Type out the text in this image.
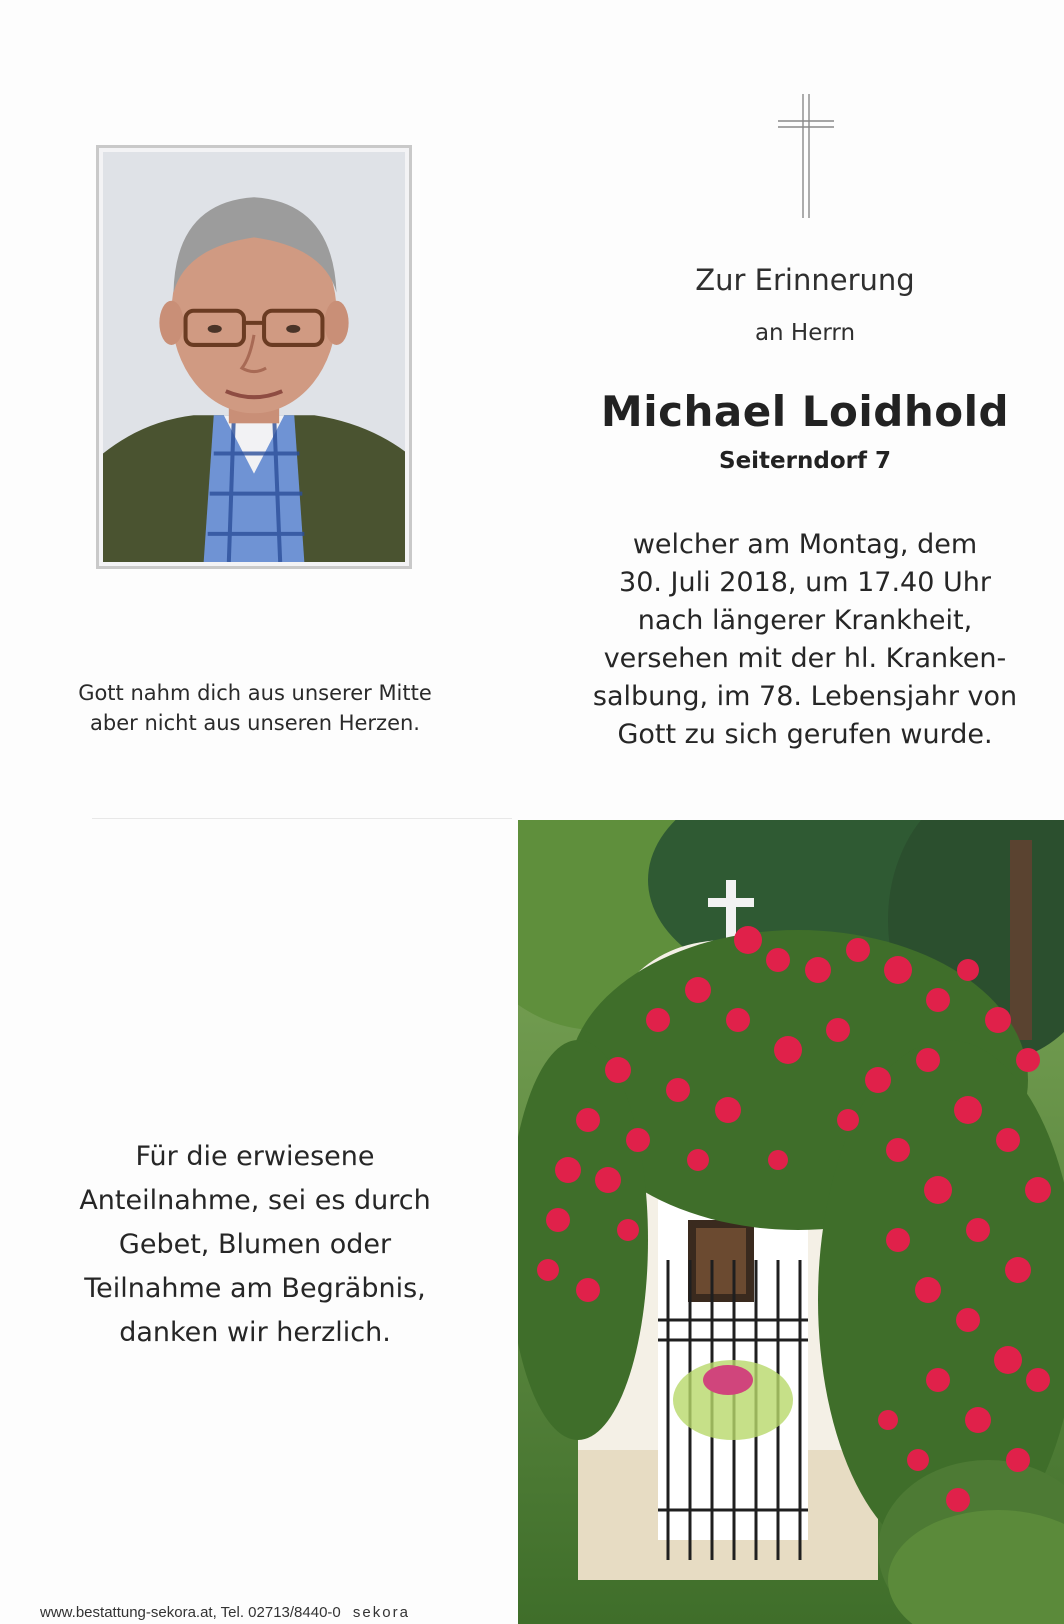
Zur Erinnerung
an Herrn
Michael Loidhold
Seiterndorf 7
welcher am Montag, dem
30. Juli 2018, um 17.40 Uhr
nach längerer Krankheit,
versehen mit der hl. Kranken-
salbung, im 78. Lebensjahr von
Gott zu sich gerufen wurde.
Gott nahm dich aus unserer Mitte
aber nicht aus unseren Herzen.
Für die erwiesene
Anteilnahme, sei es durch
Gebet, Blumen oder
Teilnahme am Begräbnis,
danken wir herzlich.
www.bestattung-sekora.at, Tel. 02713/8440-0 sekora
